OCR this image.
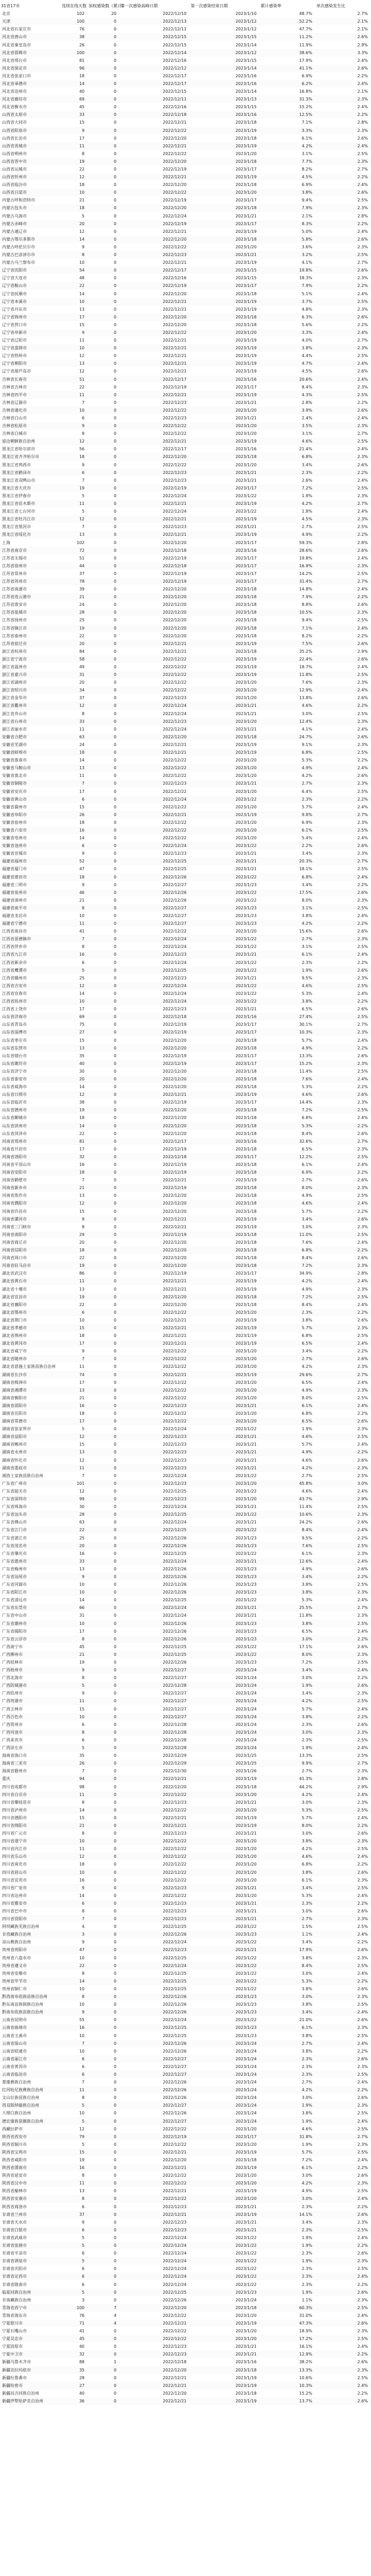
31省17市	连续在线天数	加权感染数（累计）	第一次感染高峰日期	第一次感染结束日期	累计感染率	单次感染发生比
北京	102	20	2022/12/10	2023/1/10	48.7%	2.7%
天津	100	0	2022/12/13	2023/1/12	52.2%	2.1%
河北省石家庄市	76	0	2022/12/11	2023/1/12	47.7%	2.1%
河北省唐山市	38	0	2022/12/15	2023/1/15	11.2%	2.6%
河北省秦皇岛市	26	0	2022/12/15	2023/1/14	11.9%	2.9%
河北省邯郸市	100	0	2022/12/14	2023/1/12	38.6%	3.3%
河北省邢台市	81	0	2022/12/16	2023/1/15	17.9%	2.4%
河北省保定市	96	0	2022/12/12	2023/1/14	41.1%	2.6%
河北省张家口市	18	0	2022/12/17	2023/1/16	6.9%	2.2%
河北省承德市	14	0	2022/12/17	2023/1/16	6.2%	2.4%
河北省沧州市	40	0	2022/12/15	2023/1/14	16.8%	2.1%
河北省廊坊市	69	0	2022/12/11	2023/1/13	31.3%	2.3%
河北省衡水市	45	0	2022/12/16	2023/1/15	15.2%	2.4%
山西省太原市	33	0	2022/12/18	2023/1/16	12.5%	2.2%
山西省大同市	15	0	2022/12/21	2023/1/18	7.1%	2.8%
山西省阳泉市	9	0	2022/12/22	2023/1/19	3.3%	2.3%
山西省长治市	17	0	2022/12/20	2023/1/18	6.1%	2.6%
山西省晋城市	11	0	2022/12/21	2023/1/19	4.2%	2.4%
山西省朔州市	8	0	2022/12/22	2023/1/20	3.1%	2.5%
山西省晋中市	19	0	2022/12/20	2023/1/18	7.7%	2.3%
山西省运城市	22	0	2022/12/19	2023/1/17	8.2%	2.7%
山西省忻州市	12	0	2022/12/21	2023/1/19	4.5%	2.2%
山西省临汾市	18	0	2022/12/20	2023/1/18	6.9%	2.4%
山西省吕梁市	10	0	2022/12/22	2023/1/20	3.8%	2.6%
内蒙古呼和浩特市	21	0	2022/12/19	2023/1/17	9.4%	2.5%
内蒙古包头市	18	0	2022/12/20	2023/1/18	7.9%	2.3%
内蒙古乌海市	5	0	2022/12/24	2023/1/21	2.1%	2.8%
内蒙古赤峰市	20	0	2022/12/19	2023/1/17	8.3%	2.2%
内蒙古通辽市	12	0	2022/12/21	2023/1/19	5.0%	2.4%
内蒙古鄂尔多斯市	14	0	2022/12/20	2023/1/18	5.8%	2.6%
内蒙古呼伦贝尔市	9	0	2022/12/22	2023/1/20	3.6%	2.3%
内蒙古巴彦淖尔市	8	0	2022/12/23	2023/1/21	3.2%	2.5%
内蒙古乌兰察布市	10	0	2022/12/21	2023/1/19	4.1%	2.7%
辽宁省沈阳市	54	0	2022/12/17	2023/1/15	19.8%	2.6%
辽宁省大连市	48	0	2022/12/16	2023/1/15	18.3%	2.3%
辽宁省鞍山市	22	0	2022/12/19	2023/1/17	7.9%	2.2%
辽宁省抚顺市	14	0	2022/12/20	2023/1/18	5.1%	2.4%
辽宁省本溪市	10	0	2022/12/21	2023/1/19	3.7%	2.5%
辽宁省丹东市	13	0	2022/12/21	2023/1/19	4.8%	2.3%
辽宁省锦州市	17	0	2022/12/20	2023/1/18	6.3%	2.6%
辽宁省营口市	15	0	2022/12/20	2023/1/18	5.6%	2.2%
辽宁省阜新市	9	0	2022/12/22	2023/1/20	3.3%	2.4%
辽宁省辽阳市	11	0	2022/12/21	2023/1/19	4.0%	2.7%
辽宁省盘锦市	10	0	2022/12/21	2023/1/19	3.8%	2.3%
辽宁省铁岭市	12	0	2022/12/21	2023/1/19	4.4%	2.5%
辽宁省朝阳市	13	0	2022/12/21	2023/1/19	4.7%	2.4%
辽宁省葫芦岛市	12	0	2022/12/21	2023/1/19	4.5%	2.6%
吉林省长春市	51	0	2022/12/17	2023/1/16	20.6%	2.4%
吉林省吉林市	22	0	2022/12/19	2023/1/17	8.4%	2.3%
吉林省四平市	11	0	2022/12/21	2023/1/19	4.3%	2.5%
吉林省辽源市	7	0	2022/12/23	2023/1/21	2.8%	2.2%
吉林省通化市	10	0	2022/12/22	2023/1/20	3.9%	2.6%
吉林省白山市	6	0	2022/12/23	2023/1/21	2.4%	2.4%
吉林省松原市	9	0	2022/12/22	2023/1/20	3.5%	2.3%
吉林省白城市	8	0	2022/12/22	2023/1/20	3.1%	2.7%
延边朝鲜族自治州	12	0	2022/12/21	2023/1/19	4.6%	2.5%
黑龙江省哈尔滨市	56	0	2022/12/17	2023/1/16	21.4%	2.4%
黑龙江省齐齐哈尔市	18	0	2022/12/20	2023/1/18	6.8%	2.3%
黑龙江省鸡西市	9	0	2022/12/22	2023/1/20	3.4%	2.6%
黑龙江省鹤岗市	6	0	2022/12/23	2023/1/21	2.3%	2.2%
黑龙江省双鸭山市	7	0	2022/12/23	2023/1/21	2.6%	2.4%
黑龙江省大庆市	19	0	2022/12/19	2023/1/17	7.2%	2.5%
黑龙江省伊春市	5	0	2022/12/24	2023/1/22	1.9%	2.3%
黑龙江省佳木斯市	11	0	2022/12/21	2023/1/19	4.2%	2.7%
黑龙江省七台河市	5	0	2022/12/24	2023/1/22	1.8%	2.4%
黑龙江省牡丹江市	12	0	2022/12/21	2023/1/19	4.5%	2.3%
黑龙江省黑河市	7	0	2022/12/23	2023/1/21	2.7%	2.5%
黑龙江省绥化市	13	0	2022/12/21	2023/1/19	4.9%	2.2%
上海	102	0	2022/12/20	2023/1/17	59.3%	2.8%
江苏省南京市	72	0	2022/12/18	2023/1/16	28.6%	2.6%
江苏省无锡市	51	0	2022/12/19	2023/1/17	19.8%	2.4%
江苏省徐州市	44	0	2022/12/18	2023/1/17	16.9%	2.3%
江苏省常州市	37	0	2022/12/19	2023/1/17	14.2%	2.5%
江苏省苏州市	78	0	2022/12/19	2023/1/17	31.4%	2.7%
江苏省南通市	39	0	2022/12/20	2023/1/18	14.8%	2.4%
江苏省连云港市	21	0	2022/12/20	2023/1/18	7.9%	2.2%
江苏省淮安市	24	0	2022/12/20	2023/1/18	8.8%	2.6%
江苏省盐城市	28	0	2022/12/20	2023/1/18	10.5%	2.3%
江苏省扬州市	25	0	2022/12/20	2023/1/18	9.4%	2.5%
江苏省镇江市	19	0	2022/12/20	2023/1/18	7.1%	2.4%
江苏省泰州市	22	0	2022/12/20	2023/1/18	8.2%	2.2%
江苏省宿迁市	20	0	2022/12/21	2023/1/19	7.5%	2.6%
浙江省杭州市	84	0	2022/12/21	2023/1/18	35.2%	2.9%
浙江省宁波市	58	0	2022/12/22	2023/1/19	22.4%	2.6%
浙江省温州市	49	0	2022/12/22	2023/1/19	18.7%	2.4%
浙江省嘉兴市	31	0	2022/12/22	2023/1/19	11.8%	2.5%
浙江省湖州市	20	0	2022/12/22	2023/1/20	7.6%	2.3%
浙江省绍兴市	34	0	2022/12/22	2023/1/20	12.9%	2.4%
浙江省金华市	37	0	2022/12/23	2023/1/20	13.8%	2.6%
浙江省衢州市	12	0	2022/12/24	2023/1/21	4.6%	2.2%
浙江省舟山市	8	0	2022/12/24	2023/1/21	3.0%	2.5%
浙江省台州市	33	0	2022/12/23	2023/1/20	12.4%	2.3%
浙江省丽水市	11	0	2022/12/24	2023/1/21	4.1%	2.4%
安徽省合肥市	63	0	2022/12/20	2023/1/18	24.7%	2.6%
安徽省芜湖市	24	0	2022/12/21	2023/1/19	9.1%	2.3%
安徽省蚌埠市	18	0	2022/12/21	2023/1/19	6.8%	2.5%
安徽省淮南市	14	0	2022/12/22	2023/1/20	5.3%	2.2%
安徽省马鞍山市	13	0	2022/12/22	2023/1/20	4.9%	2.4%
安徽省淮北市	11	0	2022/12/22	2023/1/20	4.2%	2.6%
安徽省铜陵市	7	0	2022/12/23	2023/1/21	2.7%	2.3%
安徽省安庆市	17	0	2022/12/22	2023/1/20	6.4%	2.5%
安徽省黄山市	6	0	2022/12/24	2023/1/22	2.3%	2.2%
安徽省滁州市	15	0	2022/12/22	2023/1/20	5.7%	2.4%
安徽省阜阳市	26	0	2022/12/21	2023/1/19	9.8%	2.7%
安徽省宿州市	18	0	2022/12/22	2023/1/20	6.9%	2.3%
安徽省六安市	16	0	2022/12/22	2023/1/20	6.1%	2.5%
安徽省亳州市	14	0	2022/12/22	2023/1/20	5.4%	2.4%
安徽省池州市	6	0	2022/12/24	2023/1/22	2.2%	2.6%
安徽省宣城市	9	0	2022/12/23	2023/1/21	3.4%	2.3%
福建省福州市	52	0	2022/12/25	2023/1/21	20.3%	2.7%
福建省厦门市	47	0	2022/12/25	2023/1/21	18.1%	2.5%
福建省莆田市	18	0	2022/12/26	2023/1/22	6.8%	2.4%
福建省三明市	9	0	2022/12/27	2023/1/23	3.4%	2.2%
福建省泉州市	46	0	2022/12/26	2023/1/22	17.5%	2.6%
福建省漳州市	21	0	2022/12/26	2023/1/22	8.0%	2.3%
福建省南平市	8	0	2022/12/27	2023/1/23	3.1%	2.5%
福建省龙岩市	10	0	2022/12/27	2023/1/23	3.8%	2.4%
福建省宁德市	11	0	2022/12/27	2023/1/23	4.2%	2.2%
江西省南昌市	41	0	2022/12/22	2023/1/20	15.6%	2.6%
江西省景德镇市	7	0	2022/12/24	2023/1/22	2.7%	2.3%
江西省萍乡市	8	0	2022/12/24	2023/1/22	3.1%	2.5%
江西省九江市	16	0	2022/12/23	2023/1/21	6.1%	2.4%
江西省新余市	6	0	2022/12/24	2023/1/22	2.3%	2.2%
江西省鹰潭市	5	0	2022/12/25	2023/1/22	1.9%	2.6%
江西省赣州市	25	0	2022/12/23	2023/1/21	9.5%	2.3%
江西省吉安市	12	0	2022/12/24	2023/1/22	4.6%	2.5%
江西省宜春市	14	0	2022/12/24	2023/1/22	5.3%	2.4%
江西省抚州市	10	0	2022/12/24	2023/1/22	3.8%	2.2%
江西省上饶市	17	0	2022/12/23	2023/1/21	6.5%	2.6%
山东省济南市	69	0	2022/12/18	2023/1/16	27.4%	2.5%
山东省青岛市	75	0	2022/12/19	2023/1/17	30.1%	2.7%
山东省淄博市	27	0	2022/12/19	2023/1/17	10.3%	2.3%
山东省枣庄市	15	0	2022/12/20	2023/1/18	5.7%	2.4%
山东省东营市	13	0	2022/12/20	2023/1/18	4.9%	2.2%
山东省烟台市	35	0	2022/12/19	2023/1/17	13.3%	2.6%
山东省潍坊市	40	0	2022/12/19	2023/1/17	15.2%	2.3%
山东省济宁市	30	0	2022/12/20	2023/1/18	11.4%	2.5%
山东省泰安市	20	0	2022/12/20	2023/1/18	7.6%	2.4%
山东省威海市	14	0	2022/12/20	2023/1/18	5.3%	2.2%
山东省日照市	12	0	2022/12/21	2023/1/19	4.6%	2.6%
山东省临沂市	38	0	2022/12/19	2023/1/17	14.4%	2.3%
山东省德州市	19	0	2022/12/20	2023/1/18	7.2%	2.5%
山东省聊城市	18	0	2022/12/20	2023/1/18	6.8%	2.4%
山东省滨州市	14	0	2022/12/20	2023/1/18	5.3%	2.2%
山东省菏泽市	22	0	2022/12/20	2023/1/18	8.4%	2.6%
河南省郑州市	81	0	2022/12/17	2023/1/16	32.6%	2.7%
河南省开封市	17	0	2022/12/19	2023/1/18	6.5%	2.3%
河南省洛阳市	32	0	2022/12/18	2023/1/17	12.2%	2.5%
河南省平顶山市	16	0	2022/12/19	2023/1/18	6.1%	2.4%
河南省安阳市	18	0	2022/12/19	2023/1/18	6.9%	2.2%
河南省鹤壁市	7	0	2022/12/21	2023/1/19	2.7%	2.6%
河南省新乡市	21	0	2022/12/19	2023/1/18	8.0%	2.3%
河南省焦作市	13	0	2022/12/20	2023/1/18	4.9%	2.5%
河南省濮阳市	12	0	2022/12/20	2023/1/18	4.6%	2.4%
河南省许昌市	15	0	2022/12/20	2023/1/18	5.7%	2.2%
河南省漯河市	9	0	2022/12/21	2023/1/19	3.4%	2.6%
河南省三门峡市	8	0	2022/12/21	2023/1/19	3.0%	2.3%
河南省南阳市	29	0	2022/12/19	2023/1/18	11.0%	2.5%
河南省商丘市	20	0	2022/12/20	2023/1/18	7.6%	2.4%
河南省信阳市	18	0	2022/12/20	2023/1/18	6.8%	2.2%
河南省周口市	22	0	2022/12/20	2023/1/18	8.4%	2.6%
河南省驻马店市	19	0	2022/12/20	2023/1/18	7.2%	2.3%
湖北省武汉市	86	0	2022/12/19	2023/1/17	34.9%	2.8%
湖北省黄石市	11	0	2022/12/21	2023/1/19	4.2%	2.4%
湖北省十堰市	13	0	2022/12/21	2023/1/19	4.9%	2.3%
湖北省宜昌市	19	0	2022/12/20	2023/1/18	7.2%	2.5%
湖北省襄阳市	22	0	2022/12/20	2023/1/18	8.4%	2.4%
湖北省鄂州市	6	0	2022/12/22	2023/1/20	2.3%	2.2%
湖北省荆门市	10	0	2022/12/21	2023/1/19	3.8%	2.6%
湖北省孝感市	15	0	2022/12/21	2023/1/19	5.7%	2.3%
湖北省荆州市	18	0	2022/12/21	2023/1/19	6.8%	2.5%
湖北省黄冈市	17	0	2022/12/21	2023/1/19	6.5%	2.4%
湖北省咸宁市	9	0	2022/12/22	2023/1/20	3.4%	2.2%
湖北省随州市	7	0	2022/12/22	2023/1/20	2.7%	2.6%
湖北省恩施土家族苗族自治州	11	0	2022/12/22	2023/1/20	4.2%	2.3%
湖南省长沙市	74	0	2022/12/21	2023/1/19	29.6%	2.7%
湖南省株洲市	17	0	2022/12/22	2023/1/20	6.5%	2.4%
湖南省湘潭市	13	0	2022/12/22	2023/1/20	4.9%	2.3%
湖南省衡阳市	21	0	2022/12/22	2023/1/20	8.0%	2.5%
湖南省邵阳市	16	0	2022/12/23	2023/1/21	6.1%	2.4%
湖南省岳阳市	18	0	2022/12/22	2023/1/20	6.8%	2.2%
湖南省常德市	17	0	2022/12/22	2023/1/20	6.5%	2.6%
湖南省张家界市	5	0	2022/12/24	2023/1/22	1.9%	2.3%
湖南省益阳市	12	0	2022/12/23	2023/1/21	4.6%	2.5%
湖南省郴州市	15	0	2022/12/23	2023/1/21	5.7%	2.4%
湖南省永州市	13	0	2022/12/23	2023/1/21	4.9%	2.2%
湖南省怀化市	12	0	2022/12/23	2023/1/21	4.6%	2.6%
湖南省娄底市	11	0	2022/12/23	2023/1/21	4.2%	2.3%
湘西土家族苗族自治州	7	0	2022/12/24	2023/1/22	2.7%	2.5%
广东省广州市	101	0	2022/12/23	2023/1/20	45.8%	3.0%
广东省韶关市	12	0	2022/12/25	2023/1/22	4.6%	2.4%
广东省深圳市	99	0	2022/12/23	2023/1/20	43.7%	2.9%
广东省珠海市	30	0	2022/12/24	2023/1/21	11.4%	2.5%
广东省汕头市	28	0	2022/12/25	2023/1/22	10.6%	2.3%
广东省佛山市	63	0	2022/12/24	2023/1/21	24.2%	2.6%
广东省江门市	22	0	2022/12/25	2023/1/22	8.4%	2.4%
广东省湛江市	25	0	2022/12/26	2023/1/23	9.5%	2.2%
广东省茂名市	20	0	2022/12/26	2023/1/23	7.6%	2.5%
广东省肇庆市	16	0	2022/12/25	2023/1/22	6.1%	2.3%
广东省惠州市	33	0	2022/12/24	2023/1/21	12.6%	2.4%
广东省梅州市	13	0	2022/12/26	2023/1/23	4.9%	2.6%
广东省汕尾市	9	0	2022/12/26	2023/1/23	3.4%	2.2%
广东省河源市	10	0	2022/12/26	2023/1/23	3.8%	2.5%
广东省阳江市	10	0	2022/12/26	2023/1/23	3.8%	2.3%
广东省清远市	14	0	2022/12/25	2023/1/22	5.3%	2.4%
广东省东莞市	66	0	2022/12/24	2023/1/21	25.5%	2.7%
广东省中山市	31	0	2022/12/24	2023/1/21	11.8%	2.3%
广东省潮州市	10	0	2022/12/26	2023/1/23	3.8%	2.5%
广东省揭阳市	17	0	2022/12/26	2023/1/23	6.5%	2.4%
广东省云浮市	8	0	2022/12/26	2023/1/23	3.0%	2.2%
广西南宁市	45	0	2022/12/25	2023/1/22	17.1%	2.6%
广西柳州市	21	0	2022/12/25	2023/1/22	8.0%	2.3%
广西桂林市	19	0	2022/12/26	2023/1/23	7.2%	2.5%
广西梧州市	9	0	2022/12/27	2023/1/24	3.4%	2.4%
广西北海市	8	0	2022/12/27	2023/1/24	3.0%	2.2%
广西防城港市	5	0	2022/12/28	2023/1/24	1.9%	2.6%
广西钦州市	9	0	2022/12/27	2023/1/24	3.4%	2.3%
广西贵港市	11	0	2022/12/27	2023/1/24	4.2%	2.5%
广西玉林市	15	0	2022/12/27	2023/1/24	5.7%	2.4%
广西百色市	10	0	2022/12/27	2023/1/24	3.8%	2.2%
广西贺州市	6	0	2022/12/28	2023/1/24	2.3%	2.6%
广西河池市	8	0	2022/12/28	2023/1/24	3.0%	2.3%
广西来宾市	6	0	2022/12/28	2023/1/24	2.3%	2.5%
广西崇左市	5	0	2022/12/28	2023/1/24	1.9%	2.4%
海南省海口市	35	0	2022/12/29	2023/1/25	13.3%	2.5%
海南省三亚市	26	0	2022/12/29	2023/1/25	9.9%	2.7%
海南省儋州市	7	0	2022/12/30	2023/1/26	2.7%	2.3%
重庆	94	0	2022/12/21	2023/1/19	41.3%	2.8%
四川省成都市	98	0	2022/12/20	2023/1/18	44.2%	2.9%
四川省自贡市	11	0	2022/12/22	2023/1/20	4.2%	2.4%
四川省攀枝花市	8	0	2022/12/23	2023/1/21	3.0%	2.3%
四川省泸州市	14	0	2022/12/22	2023/1/20	5.3%	2.5%
四川省德阳市	15	0	2022/12/21	2023/1/19	5.7%	2.4%
四川省绵阳市	21	0	2022/12/21	2023/1/19	8.0%	2.2%
四川省广元市	8	0	2022/12/23	2023/1/21	3.0%	2.6%
四川省遂宁市	10	0	2022/12/22	2023/1/20	3.8%	2.3%
四川省内江市	11	0	2022/12/22	2023/1/20	4.2%	2.5%
四川省乐山市	12	0	2022/12/22	2023/1/20	4.6%	2.4%
四川省南充市	18	0	2022/12/22	2023/1/20	6.8%	2.2%
四川省眉山市	10	0	2022/12/22	2023/1/20	3.8%	2.6%
四川省宜宾市	16	0	2022/12/22	2023/1/20	6.1%	2.3%
四川省广安市	9	0	2022/12/23	2023/1/21	3.4%	2.5%
四川省达州市	14	0	2022/12/22	2023/1/20	5.3%	2.4%
四川省雅安市	6	0	2022/12/23	2023/1/21	2.3%	2.2%
四川省巴中市	8	0	2022/12/23	2023/1/21	3.0%	2.6%
四川省资阳市	7	0	2022/12/23	2023/1/21	2.7%	2.3%
阿坝藏族羌族自治州	4	0	2022/12/25	2023/1/22	1.5%	2.5%
甘孜藏族自治州	3	0	2022/12/26	2023/1/23	1.1%	2.4%
凉山彝族自治州	9	0	2022/12/24	2023/1/22	3.4%	2.2%
贵州省贵阳市	47	0	2022/12/23	2023/1/21	17.9%	2.6%
贵州省六盘水市	10	0	2022/12/25	2023/1/22	3.8%	2.3%
贵州省遵义市	22	0	2022/12/24	2023/1/22	8.4%	2.5%
贵州省安顺市	8	0	2022/12/25	2023/1/22	3.0%	2.4%
贵州省毕节市	14	0	2022/12/25	2023/1/22	5.3%	2.2%
贵州省铜仁市	10	0	2022/12/25	2023/1/22	3.8%	2.6%
黔西南布依族苗族自治州	8	0	2022/12/26	2023/1/23	3.0%	2.3%
黔东南苗族侗族自治州	10	0	2022/12/26	2023/1/23	3.8%	2.5%
黔南布依族苗族自治州	9	0	2022/12/26	2023/1/23	3.4%	2.4%
云南省昆明市	55	0	2022/12/24	2023/1/22	21.0%	2.6%
云南省曲靖市	16	0	2022/12/25	2023/1/23	6.1%	2.3%
云南省玉溪市	10	0	2022/12/25	2023/1/23	3.8%	2.5%
云南省保山市	7	0	2022/12/26	2023/1/24	2.7%	2.4%
云南省昭通市	10	0	2022/12/26	2023/1/24	3.8%	2.2%
云南省丽江市	6	0	2022/12/27	2023/1/24	2.3%	2.6%
云南省普洱市	6	0	2022/12/27	2023/1/24	2.3%	2.3%
云南省临沧市	6	0	2022/12/27	2023/1/24	2.3%	2.5%
楚雄彝族自治州	7	0	2022/12/26	2023/1/24	2.7%	2.4%
红河哈尼族彝族自治州	11	0	2022/12/26	2023/1/24	4.2%	2.2%
文山壮族苗族自治州	8	0	2022/12/26	2023/1/24	3.0%	2.6%
西双版纳傣族自治州	5	0	2022/12/27	2023/1/24	1.9%	2.3%
大理白族自治州	10	0	2022/12/26	2023/1/24	3.8%	2.5%
德宏傣族景颇族自治州	5	0	2022/12/27	2023/1/24	1.9%	2.4%
西藏拉萨市	12	0	2022/12/22	2023/1/20	4.6%	2.5%
陕西省西安市	79	0	2022/12/19	2023/1/17	31.8%	2.7%
陕西省铜川市	5	0	2022/12/22	2023/1/20	1.9%	2.3%
陕西省宝鸡市	15	0	2022/12/21	2023/1/19	5.7%	2.5%
陕西省咸阳市	19	0	2022/12/20	2023/1/18	7.2%	2.4%
陕西省渭南市	16	0	2022/12/21	2023/1/19	6.1%	2.2%
陕西省延安市	8	0	2022/12/22	2023/1/20	3.0%	2.6%
陕西省汉中市	11	0	2022/12/22	2023/1/20	4.2%	2.3%
陕西省榆林市	13	0	2022/12/21	2023/1/19	4.9%	2.5%
陕西省安康市	8	0	2022/12/22	2023/1/20	3.0%	2.4%
陕西省商洛市	6	0	2022/12/23	2023/1/21	2.3%	2.2%
甘肃省兰州市	37	0	2022/12/21	2023/1/19	14.1%	2.6%
甘肃省天水市	9	0	2022/12/23	2023/1/21	3.4%	2.3%
甘肃省白银市	6	0	2022/12/23	2023/1/21	2.3%	2.5%
甘肃省武威市	5	0	2022/12/24	2023/1/22	1.9%	2.4%
甘肃省张掖市	5	0	2022/12/24	2023/1/22	1.9%	2.2%
甘肃省平凉市	6	0	2022/12/24	2023/1/22	2.3%	2.6%
甘肃省酒泉市	5	0	2022/12/24	2023/1/22	1.9%	2.3%
甘肃省庆阳市	6	0	2022/12/24	2023/1/22	2.3%	2.5%
甘肃省定西市	6	0	2022/12/24	2023/1/22	2.3%	2.4%
甘肃省陇南市	6	0	2022/12/24	2023/1/22	2.3%	2.2%
临夏回族自治州	5	0	2022/12/25	2023/1/23	1.9%	2.6%
甘南藏族自治州	3	0	2022/12/26	2023/1/24	1.1%	2.3%
青海省西宁市	100	7	2022/12/20	2023/1/18	60.3%	2.5%
青海省海东市	76	4	2022/12/22	2023/1/20	31.0%	2.4%
宁夏银川市	71	4	2022/12/21	2023/1/19	47.3%	2.6%
宁夏石嘴山市	41	0	2022/12/22	2023/1/20	18.9%	2.3%
宁夏吴忠市	45	0	2022/12/22	2023/1/20	17.2%	2.5%
宁夏固原市	40	0	2022/12/23	2023/1/21	16.1%	2.4%
宁夏中卫市	32	0	2022/12/23	2023/1/21	12.9%	2.2%
新疆乌鲁木齐市	88	1	2022/12/18	2023/1/16	38.2%	2.6%
新疆克拉玛依市	35	0	2022/12/20	2023/1/18	13.3%	2.3%
新疆吐鲁番市	28	0	2022/12/21	2023/1/19	10.6%	2.5%
新疆哈密市	27	0	2022/12/21	2023/1/19	10.3%	2.4%
新疆昌吉回族自治州	40	0	2022/12/20	2023/1/18	15.2%	2.2%
新疆伊犁哈萨克自治州	36	0	2022/12/21	2023/1/19	13.7%	2.6%
